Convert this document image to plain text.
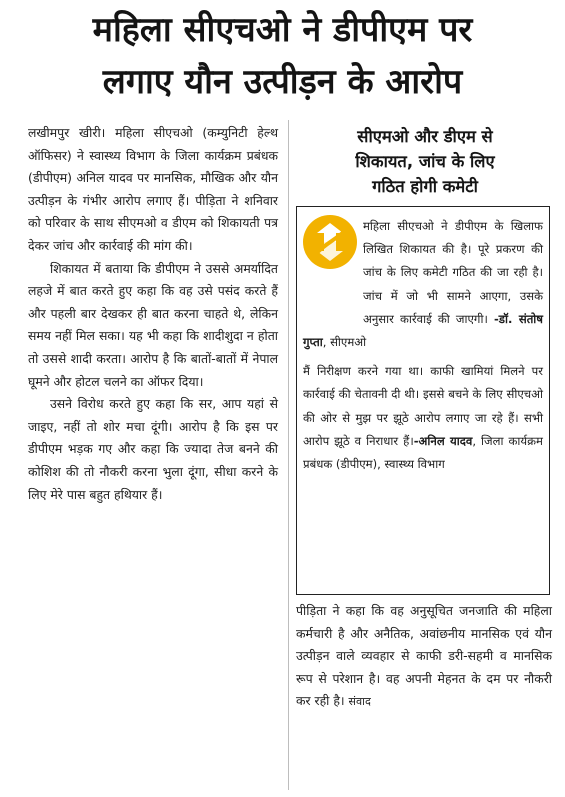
महिला सीएचओ ने डीपीएम पर
लगाए यौन उत्पीड़न के आरोप

लखीमपुर खीरी। महिला सीएचओ (कम्युनिटी हेल्थ ऑफिसर) ने स्वास्थ्य विभाग के जिला कार्यक्रम प्रबंधक (डीपीएम) अनिल यादव पर मानसिक, मौखिक और यौन उत्पीड़न के गंभीर आरोप लगाए हैं। पीड़िता ने शनिवार को परिवार के साथ सीएमओ व डीएम को शिकायती पत्र देकर जांच और कार्रवाई की मांग की।

शिकायत में बताया कि डीपीएम ने उससे अमर्यादित लहजे में बात करते हुए कहा कि वह उसे पसंद करते हैं और पहली बार देखकर ही बात करना चाहते थे, लेकिन समय नहीं मिल सका। यह भी कहा कि शादीशुदा न होता तो उससे शादी करता। आरोप है कि बातों-बातों में नेपाल घूमने और होटल चलने का ऑफर दिया।

उसने विरोध करते हुए कहा कि सर, आप यहां से जाइए, नहीं तो शोर मचा दूंगी। आरोप है कि इस पर डीपीएम भड़क गए और कहा कि ज्यादा तेज बनने की कोशिश की तो नौकरी करना भुला दूंगा, सीधा करने के लिए मेरे पास बहुत हथियार हैं।

सीएमओ और डीएम से
शिकायत, जांच के लिए
गठित होगी कमेटी

महिला सीएचओ ने डीपीएम के खिलाफ लिखित शिकायत की है। पूरे प्रकरण की जांच के लिए कमेटी गठित की जा रही है। जांच में जो भी सामने आएगा, उसके अनुसार कार्रवाई की जाएगी। -डॉ. संतोष गुप्ता, सीएमओ

मैं निरीक्षण करने गया था। काफी खामियां मिलने पर कार्रवाई की चेतावनी दी थी। इससे बचने के लिए सीएचओ की ओर से मुझ पर झूठे आरोप लगाए जा रहे हैं। सभी आरोप झूठे व निराधार हैं।-अनिल यादव, जिला कार्यक्रम प्रबंधक (डीपीएम), स्वास्थ्य विभाग

पीड़िता ने कहा कि वह अनुसूचित जनजाति की महिला कर्मचारी है और अनैतिक, अवांछनीय मानसिक एवं यौन उत्पीड़न वाले व्यवहार से काफी डरी-सहमी व मानसिक रूप से परेशान है। वह अपनी मेहनत के दम पर नौकरी कर रही है। संवाद
